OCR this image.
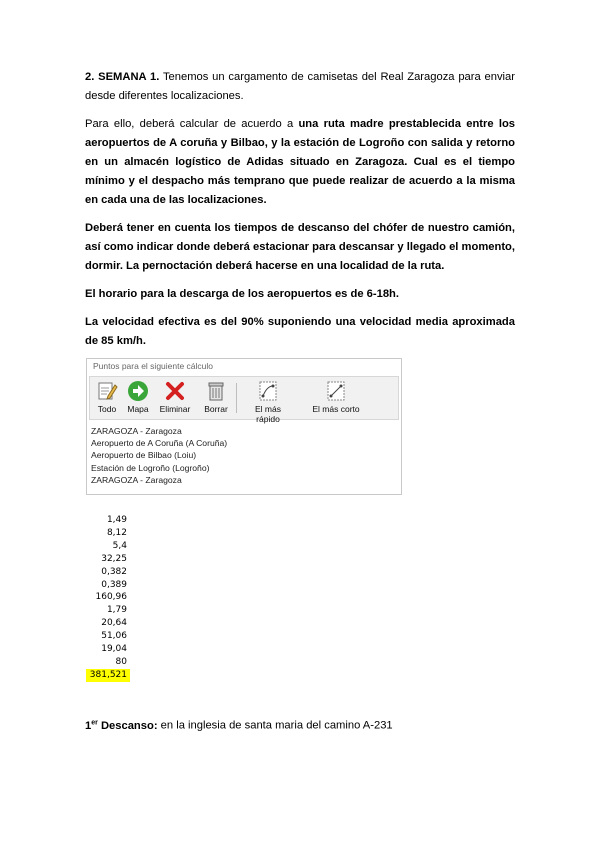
2. SEMANA 1. Tenemos un cargamento de camisetas del Real Zaragoza para enviar desde diferentes localizaciones.

Para ello, deberá calcular de acuerdo a una ruta madre prestablecida entre los aeropuertos de A coruña y Bilbao, y la estación de Logroño con salida y retorno en un almacén logístico de Adidas situado en Zaragoza. Cual es el tiempo mínimo y el despacho más temprano que puede realizar de acuerdo a la misma en cada una de las localizaciones.

Deberá tener en cuenta los tiempos de descanso del chófer de nuestro camión, así como indicar donde deberá estacionar para descansar y llegado el momento, dormir. La pernoctación deberá hacerse en una localidad de la ruta.

El horario para la descarga de los aeropuertos es de 6-18h.

La velocidad efectiva es del 90% suponiendo una velocidad media aproximada de 85 km/h.

Puntos para el siguiente cálculo
Todo	Mapa Eliminar Borrar	El más rápido
El más corto
ZARAGOZA - Zaragoza
Aeropuerto de A Coruña (A Coruña)
Aeropuerto de Bilbao (Loiu)
Estación de Logroño (Logroño)
ZARAGOZA - Zaragoza
1,49
8,12
5,4
32,25
0,382
0,389
160,96
1,79
20,64
51,06
19,04
80
381,521
1er Descanso: en la inglesia de santa maria del camino A-231
